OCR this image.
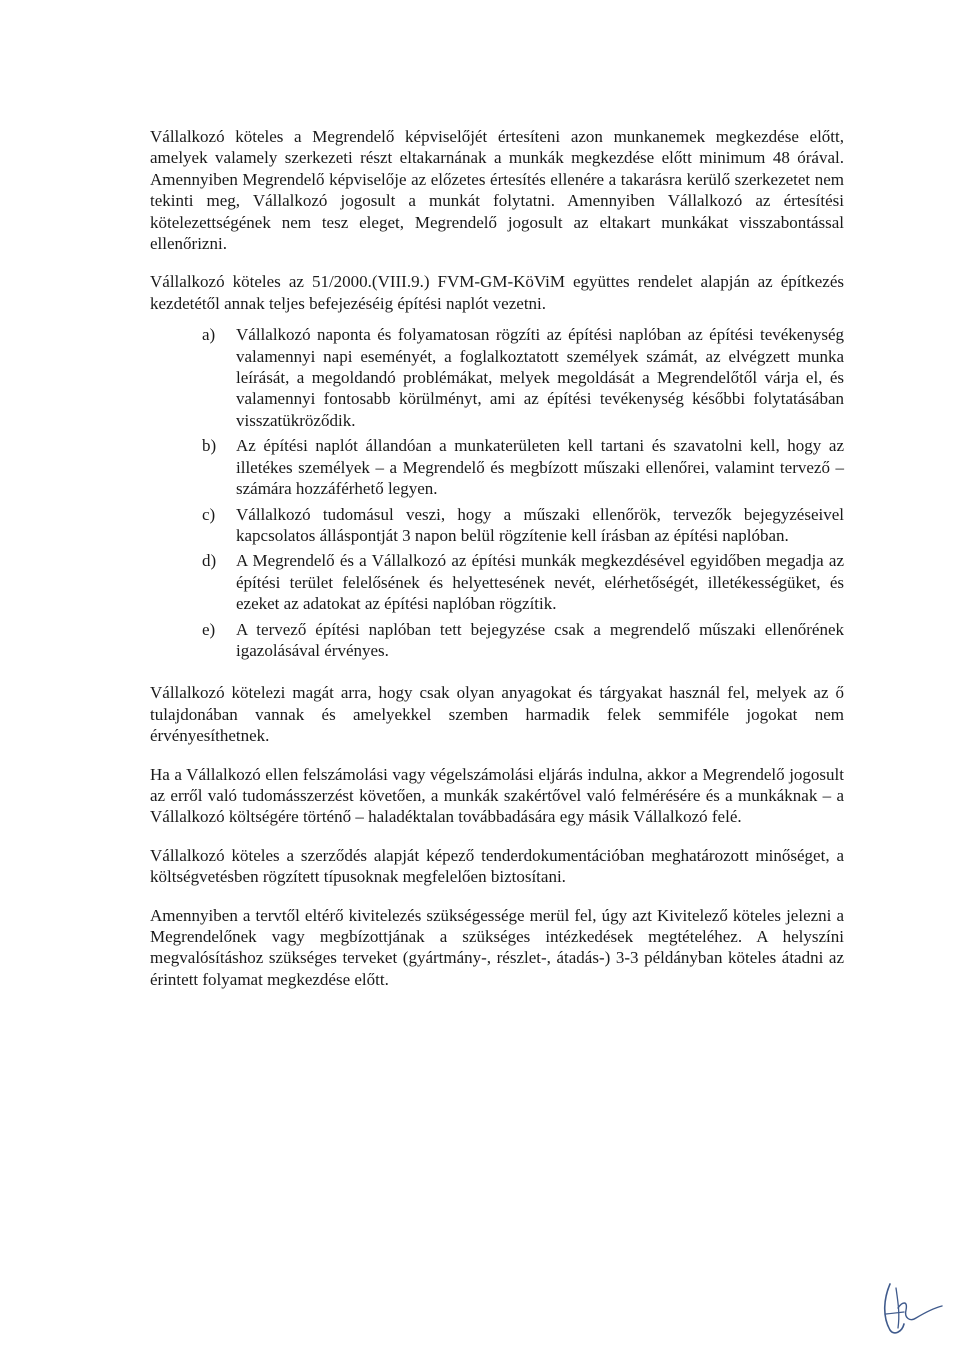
Vállalkozó köteles a Megrendelő képviselőjét értesíteni azon munkanemek megkezdése előtt, amelyek valamely szerkezeti részt eltakarnának a munkák megkezdése előtt minimum 48 órával. Amennyiben Megrendelő képviselője az előzetes értesítés ellenére a takarásra kerülő szerkezetet nem tekinti meg, Vállalkozó jogosult a munkát folytatni. Amennyiben Vállalkozó az értesítési kötelezettségének nem tesz eleget, Megrendelő jogosult az eltakart munkákat visszabontással ellenőrizni.

Vállalkozó köteles az 51/2000.(VIII.9.) FVM-GM-KöViM együttes rendelet alapján az építkezés kezdetétől annak teljes befejezéséig építési naplót vezetni.

a)	Vállalkozó naponta és folyamatosan rögzíti az építési naplóban az építési tevékenység valamennyi napi eseményét, a foglalkoztatott személyek számát, az elvégzett munka leírását, a megoldandó problémákat, melyek megoldását a Megrendelőtől várja el, és valamennyi fontosabb körülményt, ami az építési tevékenység későbbi folytatásában visszatükröződik.
b)	Az építési naplót állandóan a munkaterületen kell tartani és szavatolni kell, hogy az illetékes személyek – a Megrendelő és megbízott műszaki ellenőrei, valamint tervező – számára hozzáférhető legyen.
c)	Vállalkozó tudomásul veszi, hogy a műszaki ellenőrök, tervezők bejegyzéseivel kapcsolatos álláspontját 3 napon belül rögzítenie kell írásban az építési naplóban.
d)	A Megrendelő és a Vállalkozó az építési munkák megkezdésével egyidőben megadja az építési terület felelősének és helyettesének nevét, elérhetőségét, illetékességüket, és ezeket az adatokat az építési naplóban rögzítik.
e)	A tervező építési naplóban tett bejegyzése csak a megrendelő műszaki ellenőrének igazolásával érvényes.

Vállalkozó kötelezi magát arra, hogy csak olyan anyagokat és tárgyakat használ fel, melyek az ő tulajdonában vannak és amelyekkel szemben harmadik felek semmiféle jogokat nem érvényesíthetnek.

Ha a Vállalkozó ellen felszámolási vagy végelszámolási eljárás indulna, akkor a Megrendelő jogosult az erről való tudomásszerzést követően, a munkák szakértővel való felmérésére és a munkáknak – a Vállalkozó költségére történő – haladéktalan továbbadására egy másik Vállalkozó felé.

Vállalkozó köteles a szerződés alapját képező tenderdokumentációban meghatározott minőséget, a költségvetésben rögzített típusoknak megfelelően biztosítani.

Amennyiben a tervtől eltérő kivitelezés szükségessége merül fel, úgy azt Kivitelező köteles jelezni a Megrendelőnek vagy megbízottjának a szükséges intézkedések megtételéhez. A helyszíni megvalósításhoz szükséges terveket (gyártmány-, részlet-, átadás-) 3-3 példányban köteles átadni az érintett folyamat megkezdése előtt.
